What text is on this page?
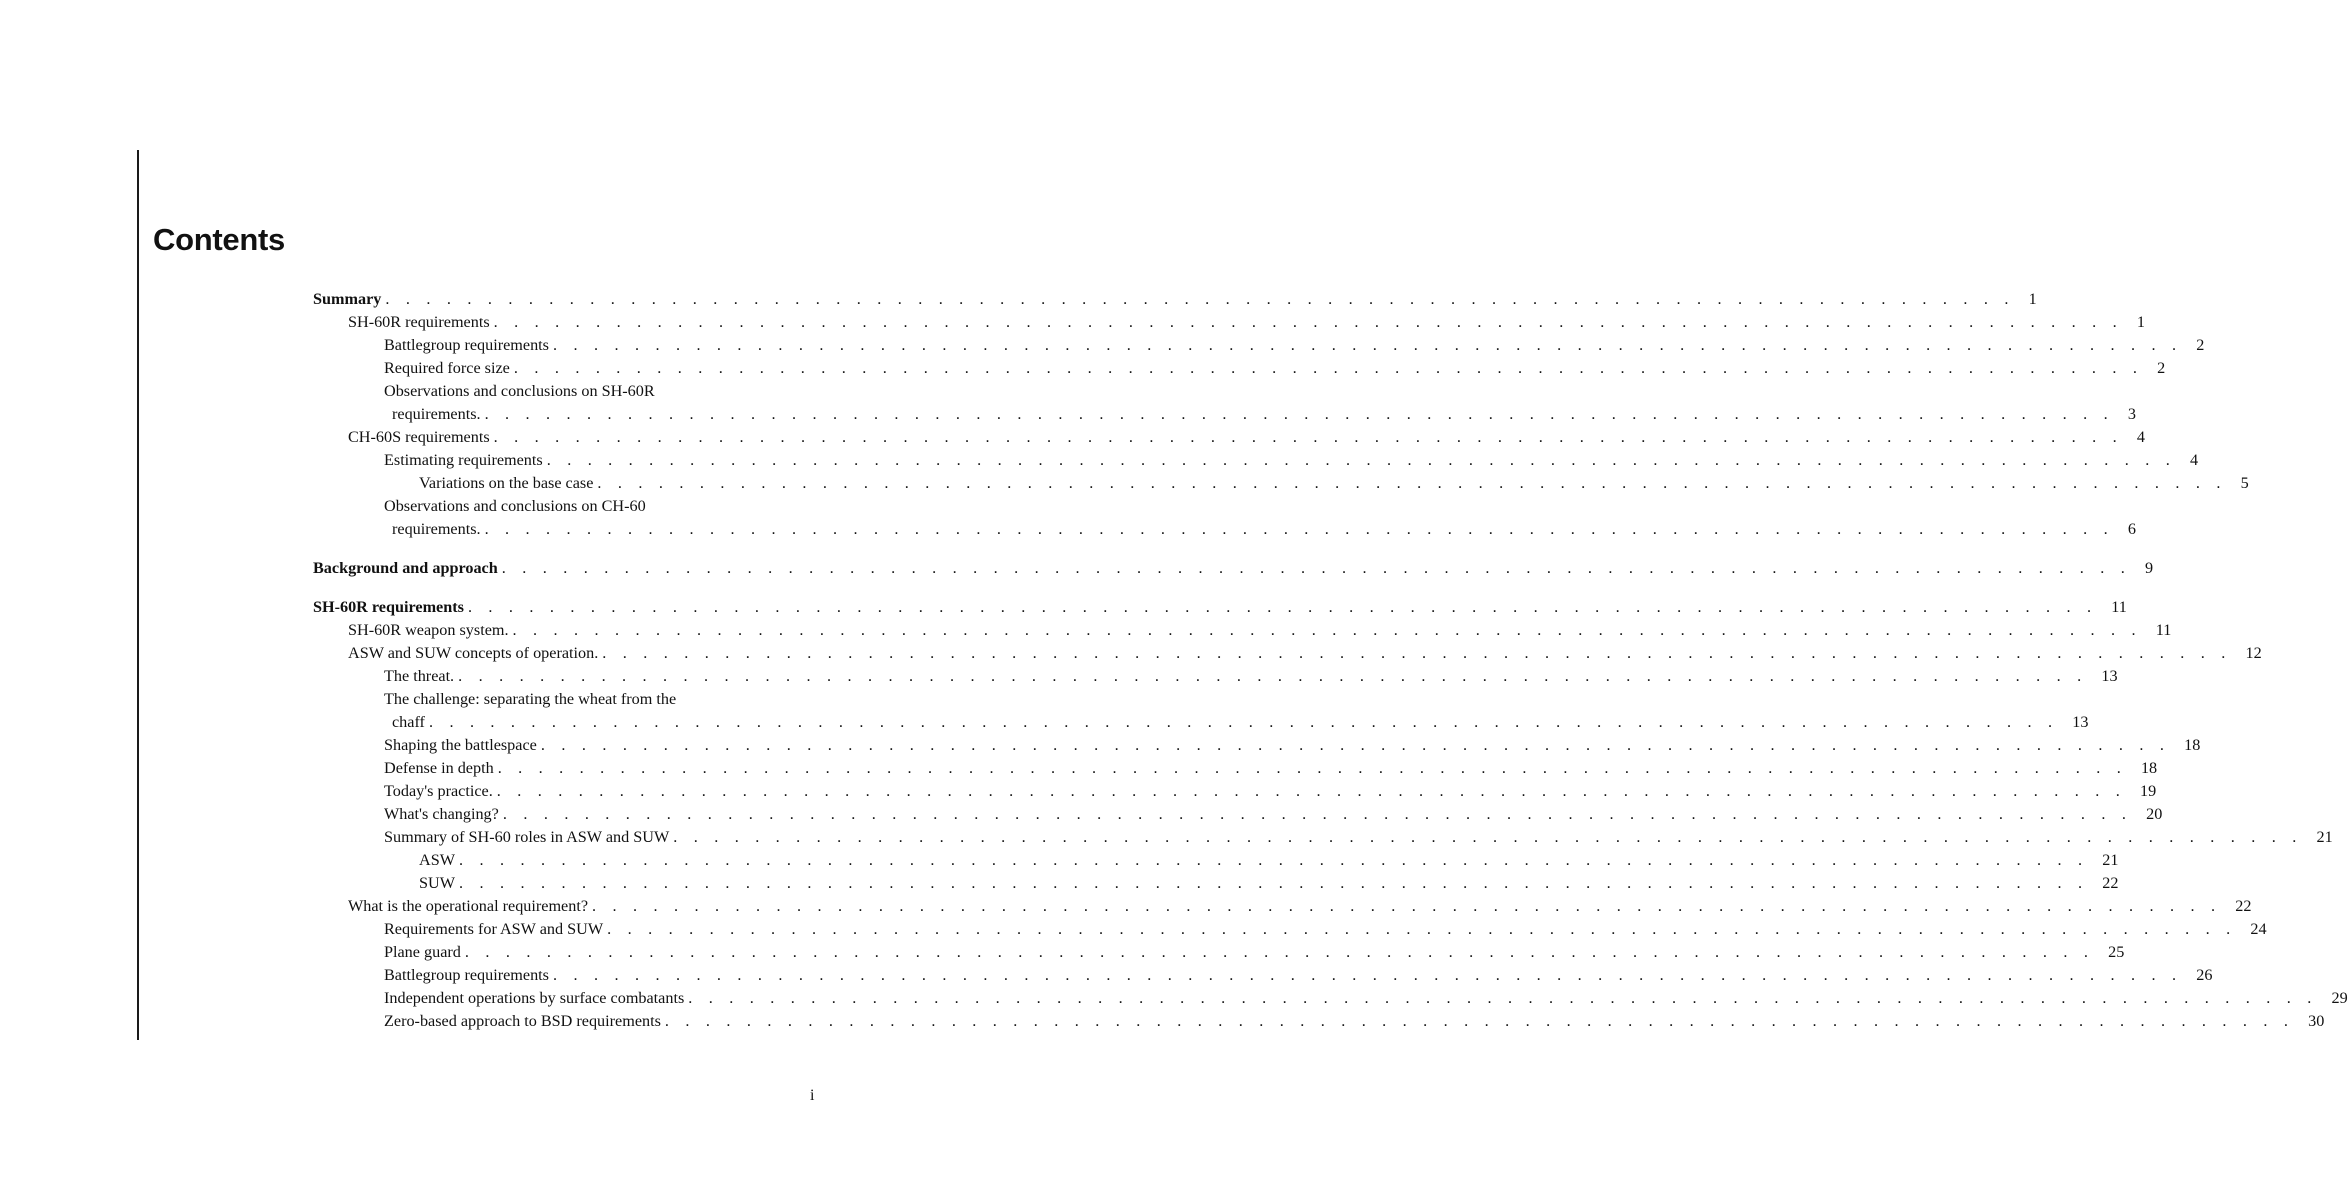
Contents
Summary . . . . . . . . . . . . . . . . . . . . . . . . . . . . . . . . . . . . . . . . . . . . . . . . . . . . . . . . . . . . . . . . . . . . . . . . . . . . . . . . 1
SH-60R requirements . . . . . . . . . . . . . . . . . . . . . . . . . . . . . . . . . . . . . . . . . . . . . . . . . . . . . . . . . . . . . . . . . . . . . . . . . . . . . . . . 1
Battlegroup requirements . . . . . . . . . . . . . . . . . . . . . . . . . . . . . . . . . . . . . . . . . . . . . . . . . . . . . . . . . . . . . . . . . . . . . . . . . . . . . . . . 2
Required force size . . . . . . . . . . . . . . . . . . . . . . . . . . . . . . . . . . . . . . . . . . . . . . . . . . . . . . . . . . . . . . . . . . . . . . . . . . . . . . . . 2
Observations and conclusions on SH-60R
requirements. . . . . . . . . . . . . . . . . . . . . . . . . . . . . . . . . . . . . . . . . . . . . . . . . . . . . . . . . . . . . . . . . . . . . . . . . . . . . . . . . 3
CH-60S requirements . . . . . . . . . . . . . . . . . . . . . . . . . . . . . . . . . . . . . . . . . . . . . . . . . . . . . . . . . . . . . . . . . . . . . . . . . . . . . . . . 4
Estimating requirements . . . . . . . . . . . . . . . . . . . . . . . . . . . . . . . . . . . . . . . . . . . . . . . . . . . . . . . . . . . . . . . . . . . . . . . . . . . . . . . . 4
Variations on the base case . . . . . . . . . . . . . . . . . . . . . . . . . . . . . . . . . . . . . . . . . . . . . . . . . . . . . . . . . . . . . . . . . . . . . . . . . . . . . . . . 5
Observations and conclusions on CH-60
requirements. . . . . . . . . . . . . . . . . . . . . . . . . . . . . . . . . . . . . . . . . . . . . . . . . . . . . . . . . . . . . . . . . . . . . . . . . . . . . . . . . 6
Background and approach . . . . . . . . . . . . . . . . . . . . . . . . . . . . . . . . . . . . . . . . . . . . . . . . . . . . . . . . . . . . . . . . . . . . . . . . . . . . . . . . 9
SH-60R requirements . . . . . . . . . . . . . . . . . . . . . . . . . . . . . . . . . . . . . . . . . . . . . . . . . . . . . . . . . . . . . . . . . . . . . . . . . . . . . . . . 11
SH-60R weapon system. . . . . . . . . . . . . . . . . . . . . . . . . . . . . . . . . . . . . . . . . . . . . . . . . . . . . . . . . . . . . . . . . . . . . . . . . . . . . . . . . 11
ASW and SUW concepts of operation. . . . . . . . . . . . . . . . . . . . . . . . . . . . . . . . . . . . . . . . . . . . . . . . . . . . . . . . . . . . . . . . . . . . . . . . . . . . . . . . . 12
The threat. . . . . . . . . . . . . . . . . . . . . . . . . . . . . . . . . . . . . . . . . . . . . . . . . . . . . . . . . . . . . . . . . . . . . . . . . . . . . . . . . 13
The challenge: separating the wheat from the
chaff . . . . . . . . . . . . . . . . . . . . . . . . . . . . . . . . . . . . . . . . . . . . . . . . . . . . . . . . . . . . . . . . . . . . . . . . . . . . . . . . 13
Shaping the battlespace . . . . . . . . . . . . . . . . . . . . . . . . . . . . . . . . . . . . . . . . . . . . . . . . . . . . . . . . . . . . . . . . . . . . . . . . . . . . . . . . 18
Defense in depth . . . . . . . . . . . . . . . . . . . . . . . . . . . . . . . . . . . . . . . . . . . . . . . . . . . . . . . . . . . . . . . . . . . . . . . . . . . . . . . . 18
Today's practice. . . . . . . . . . . . . . . . . . . . . . . . . . . . . . . . . . . . . . . . . . . . . . . . . . . . . . . . . . . . . . . . . . . . . . . . . . . . . . . . . 19
What's changing? . . . . . . . . . . . . . . . . . . . . . . . . . . . . . . . . . . . . . . . . . . . . . . . . . . . . . . . . . . . . . . . . . . . . . . . . . . . . . . . . 20
Summary of SH-60 roles in ASW and SUW . . . . . . . . . . . . . . . . . . . . . . . . . . . . . . . . . . . . . . . . . . . . . . . . . . . . . . . . . . . . . . . . . . . . . . . . . . . . . . . . 21
ASW . . . . . . . . . . . . . . . . . . . . . . . . . . . . . . . . . . . . . . . . . . . . . . . . . . . . . . . . . . . . . . . . . . . . . . . . . . . . . . . . 21
SUW . . . . . . . . . . . . . . . . . . . . . . . . . . . . . . . . . . . . . . . . . . . . . . . . . . . . . . . . . . . . . . . . . . . . . . . . . . . . . . . . 22
What is the operational requirement? . . . . . . . . . . . . . . . . . . . . . . . . . . . . . . . . . . . . . . . . . . . . . . . . . . . . . . . . . . . . . . . . . . . . . . . . . . . . . . . . 22
Requirements for ASW and SUW . . . . . . . . . . . . . . . . . . . . . . . . . . . . . . . . . . . . . . . . . . . . . . . . . . . . . . . . . . . . . . . . . . . . . . . . . . . . . . . . 24
Plane guard . . . . . . . . . . . . . . . . . . . . . . . . . . . . . . . . . . . . . . . . . . . . . . . . . . . . . . . . . . . . . . . . . . . . . . . . . . . . . . . . 25
Battlegroup requirements . . . . . . . . . . . . . . . . . . . . . . . . . . . . . . . . . . . . . . . . . . . . . . . . . . . . . . . . . . . . . . . . . . . . . . . . . . . . . . . . 26
Independent operations by surface combatants . . . . . . . . . . . . . . . . . . . . . . . . . . . . . . . . . . . . . . . . . . . . . . . . . . . . . . . . . . . . . . . . . . . . . . . . . . . . . . . . 29
Zero-based approach to BSD requirements . . . . . . . . . . . . . . . . . . . . . . . . . . . . . . . . . . . . . . . . . . . . . . . . . . . . . . . . . . . . . . . . . . . . . . . . . . . . . . . . 30
i
